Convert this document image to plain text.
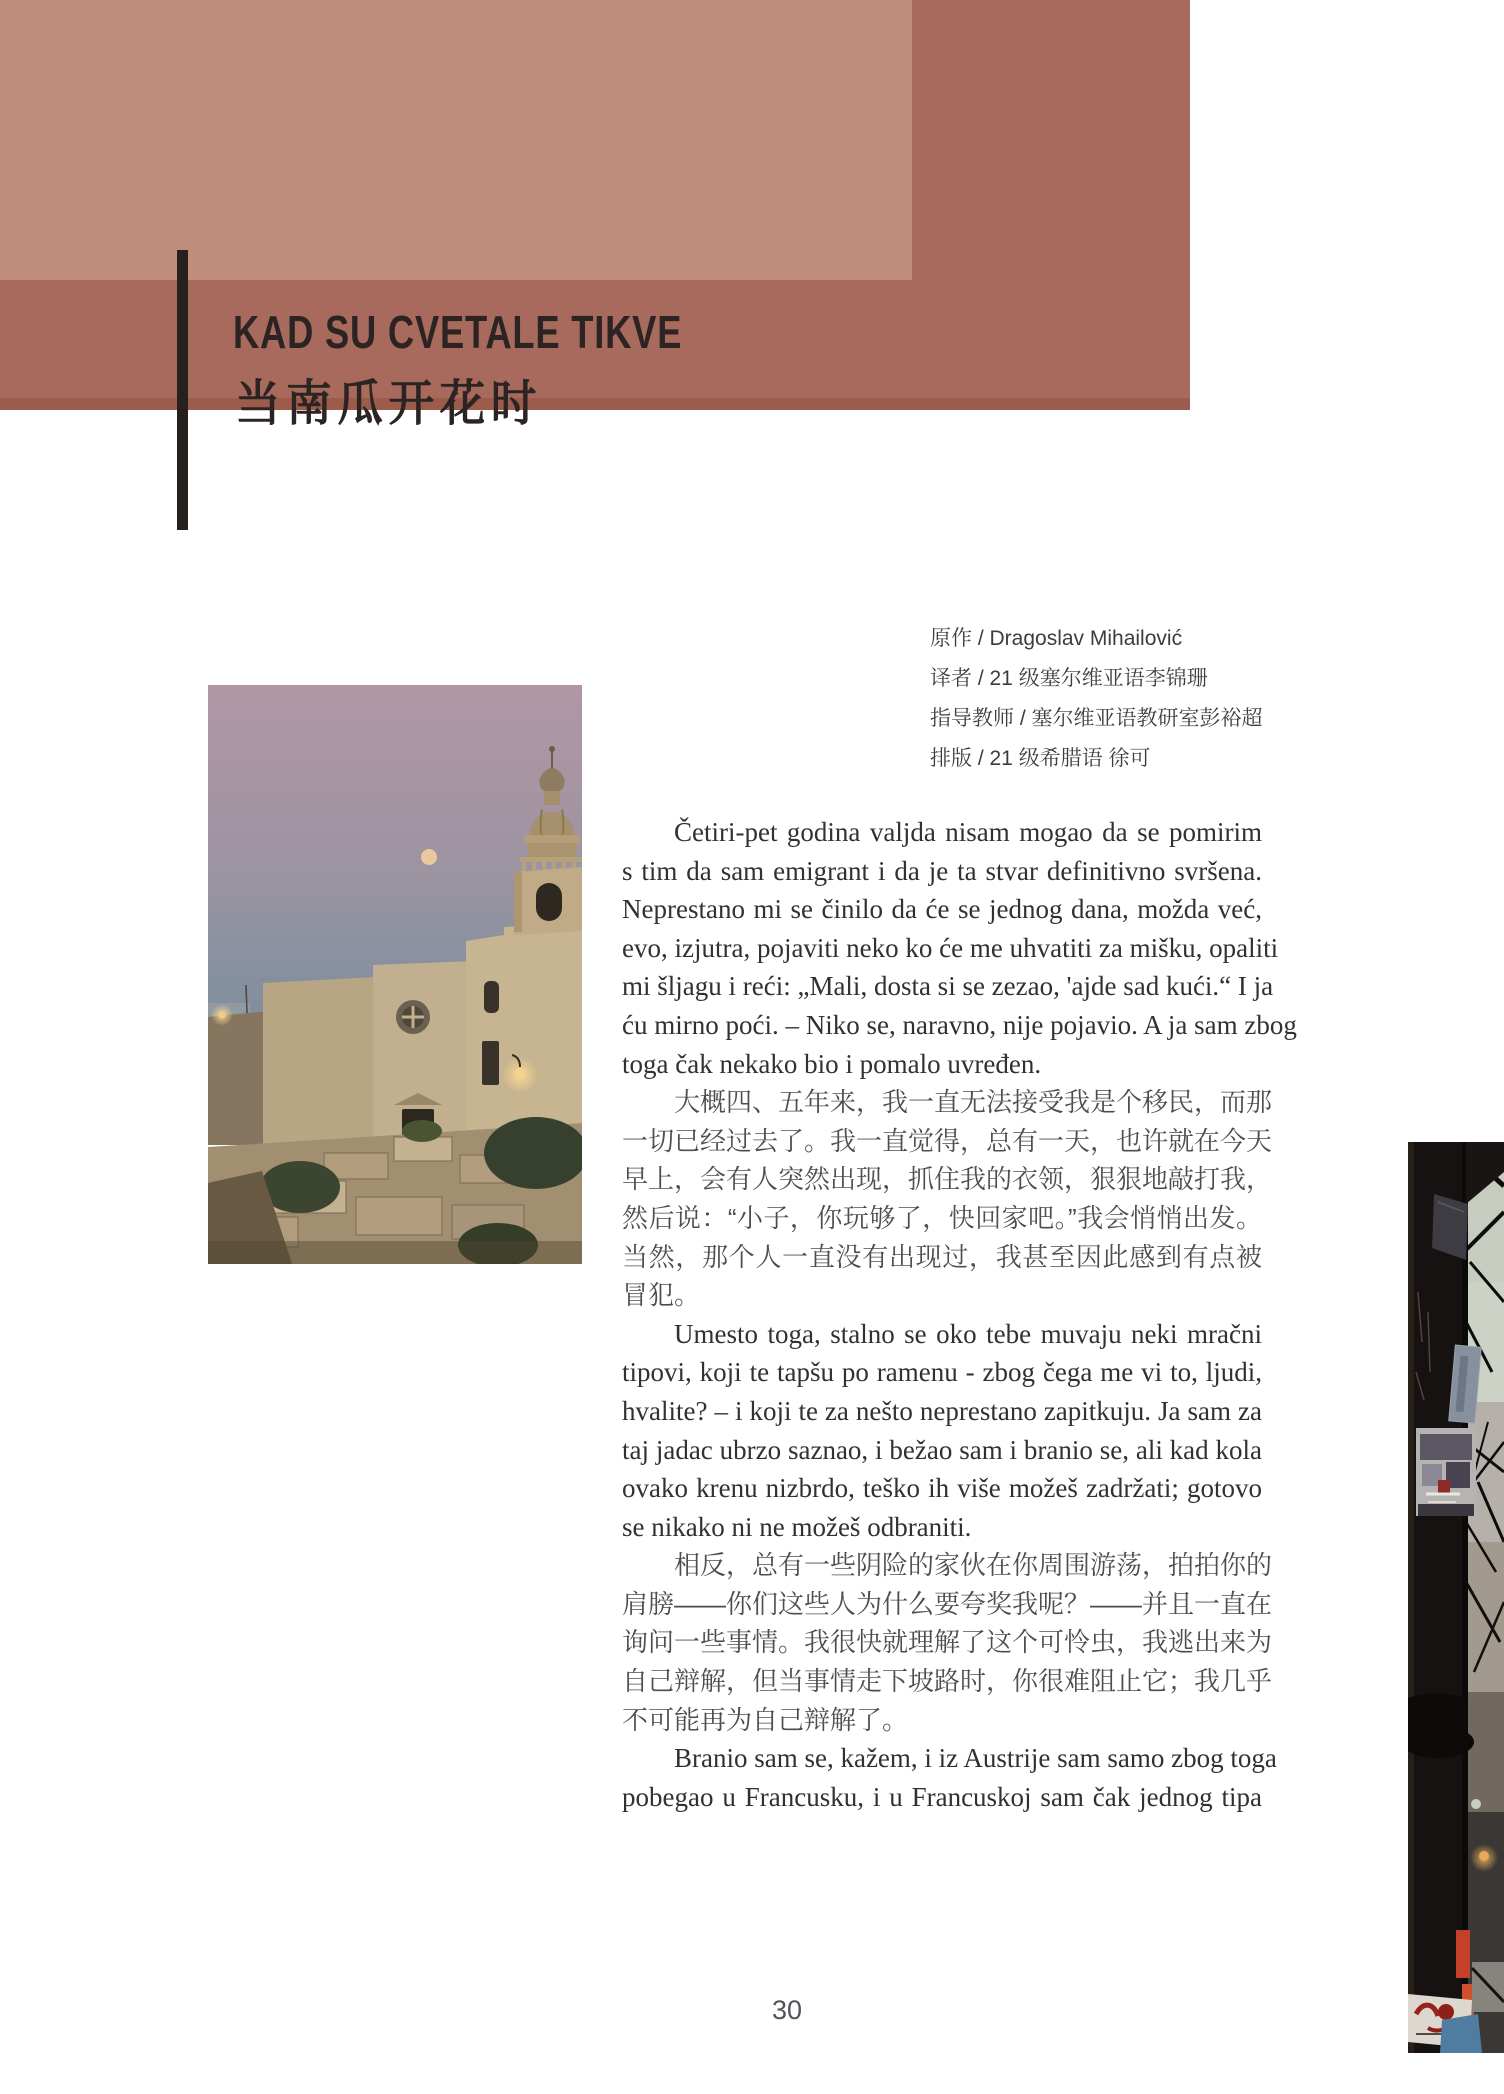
KAD SU CVETALE TIKVE
当南瓜开花时
原作 / Dragoslav Mihailović
译者 / 21 级塞尔维亚语李锦珊
指导教师 / 塞尔维亚语教研室彭裕超
排版 / 21 级希腊语 徐可
Četiri-pet godina valjda nisam mogao da se pomirim
s tim da sam emigrant i da je ta stvar definitivno svršena.
Neprestano mi se činilo da će se jednog dana, možda već,
evo, izjutra, pojaviti neko ko će me uhvatiti za mišku, opaliti
mi šljagu i reći: „Mali, dosta si se zezao, 'ajde sad kući.“ I ja
ću mirno poći. – Niko se, naravno, nije pojavio. A ja sam zbog
toga čak nekako bio i pomalo uvređen.
大概四、五年来，我一直无法接受我是个移民，而那
一切已经过去了。我一直觉得，总有一天，也许就在今天
早上，会有人突然出现，抓住我的衣领，狠狠地敲打我，
然后说：“小子，你玩够了，快回家吧。”我会悄悄出发。
当然，那个人一直没有出现过，我甚至因此感到有点被
冒犯。
Umesto toga, stalno se oko tebe muvaju neki mračni
tipovi, koji te tapšu po ramenu - zbog čega me vi to, ljudi,
hvalite? – i koji te za nešto neprestano zapitkuju. Ja sam za
taj jadac ubrzo saznao, i bežao sam i branio se, ali kad kola
ovako krenu nizbrdo, teško ih više možeš zadržati; gotovo
se nikako ni ne možeš odbraniti.
相反，总有一些阴险的家伙在你周围游荡，拍拍你的
肩膀——你们这些人为什么要夸奖我呢？——并且一直在
询问一些事情。我很快就理解了这个可怜虫，我逃出来为
自己辩解，但当事情走下坡路时，你很难阻止它；我几乎
不可能再为自己辩解了。
Branio sam se, kažem, i iz Austrije sam samo zbog toga
pobegao u Francusku, i u Francuskoj sam čak jednog tipa
30
